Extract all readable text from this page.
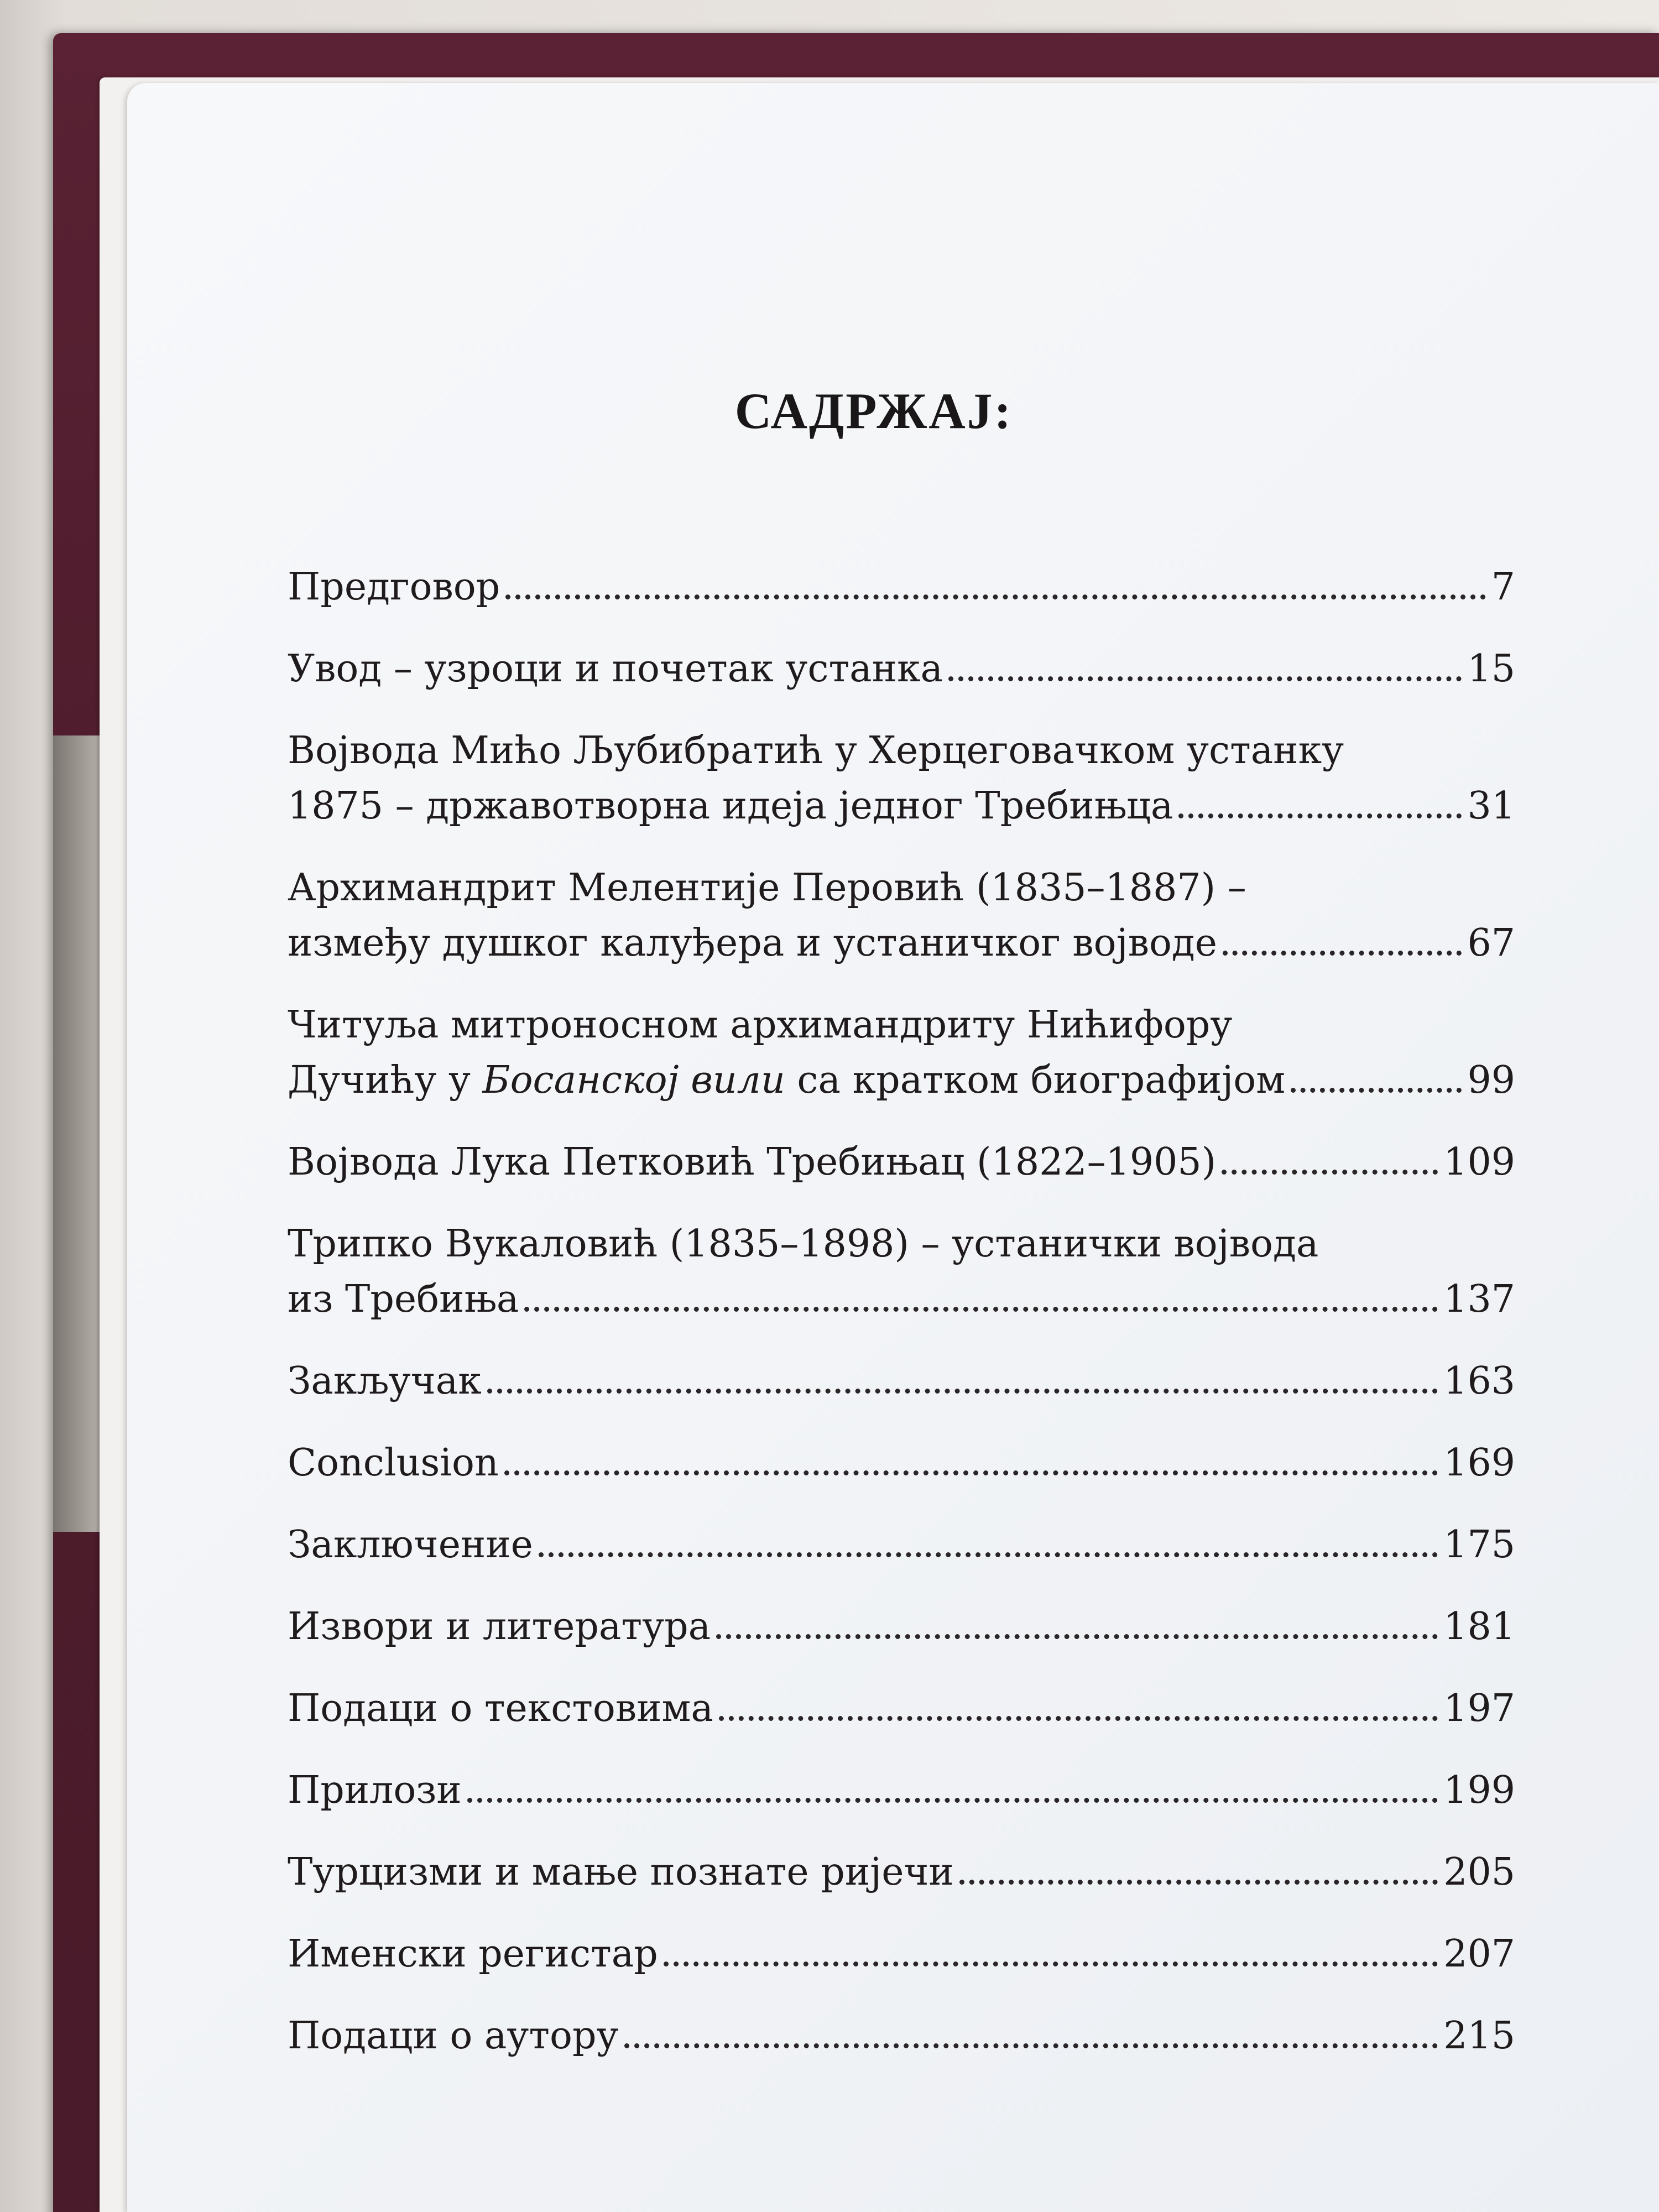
САДРЖАЈ:
Предговор	7
Увод – узроци и почетак устанка	15
Војвода Мићо Љубибратић у Херцеговачком устанку
1875 – државотворна идеја једног Требињца	31
Архимандрит Мелентије Перовић (1835–1887) –
између душког калуђера и устаничког војводе	67
Читуља митроносном архимандриту Нићифору
Дучићу у Босанској вили са кратком биографијом	99
Војвода Лука Петковић Требињац (1822–1905)	109
Трипко Вукаловић (1835–1898) – устанички војвода
из Требиња	137
Закључак	163
Conclusion	169
Заключение	175
Извори и литература	181
Подаци о текстовима	197
Прилози	199
Турцизми и мање познате ријечи	205
Именски регистар	207
Подаци о аутору	215
